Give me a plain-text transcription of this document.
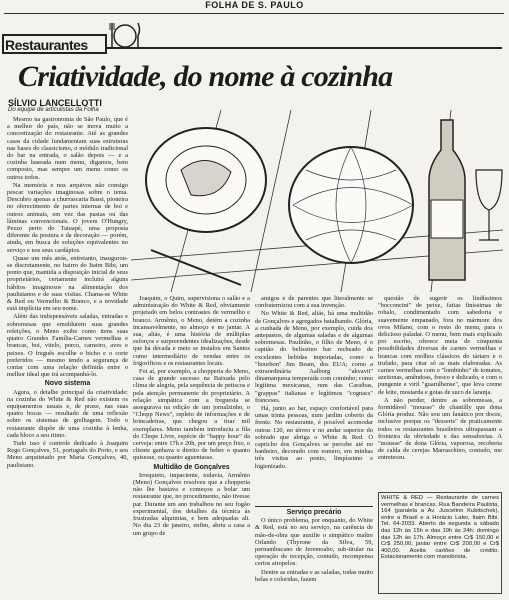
FOLHA DE S. PAULO
Restaurantes
Criatividade, do nome à cozinha
SÍLVIO LANCELLOTTI
Do equipe de articulistas da Folha

Mesmo na gastronomia de São Paulo, que é a melhor do país, não se inova muito a concretização do restaurante. Até as grandes casas da cidade fundamentam suas estruturas nas bases do classicismo, o módulo tradicional do bar na entrada, o salão depois — e a cozinha baseada num menu, digamos, bem composto, mas sempre um menu como os outros todos.

Na memória e nos arquivos não consigo pescar variações imaginosas sobre o tema. Descubro apenas a churrascaria Bassi, pioneira no oferecimento de partes internas de boi e outros animais, em vez das pastas ou das lâminas convencionais. O jovem O'Hungry, Pezzo perto do Tatuapé, uma proposta diferente da postura e da decoração — porém, ainda, em busca de soluções equivalentes no serviço e nos seus cardápios.

Quase um mês atrás, entretanto, inaugurou-se discretamente, no bairro do Itaim Bibi, um ponto que, mantida a disposição inicial de seus proprietários, certamente incluirá alguns hábitos imaginosos na alimentação dos paulistanos e de suas visitas. Chama-se White & Red ou Vermelho & Branco, e a novidade está implícita em seu nome.

Além das indispensáveis saladas, entradas e sobremesas que emoldurem suas grandes refeições, o Meno exibe como itens suas quatro Grandes Família-Carnes vermelhas e brancas, boi, vitelo, porco, carneiro, aves e peixes. O freguês escolhe o bicho e o corte preferidos — mesmo tendo a segurança de contar com uma relação definida entre o melhor ideal que irá acompanhá-lo.

Novo sistema

Agora, o detalhe principal da criatividade: na cozinha do White & Red não existem os equipamentos usuais e, de praxe, nas suas quatro bocas — resultado de uma reflexão sobre os sistemas de grelhagem. Todo o restaurante dispõe de uma cozinha à lenha, cada bloco a seu ritmo.

Tudo isso é controle dedicado à Joaquim Rego Gonçalves, 51, português do Porto, e seu Meno arquitetado por Maria Gonçalves, 40, paulistano.

Joaquim, o Quim, supervisiona o salão e a administração do White & Red, obviamente projetado em belos contrastes de vermelho e branco. Armênio, o Meno, detém a cozinha incansavelmente, no almoço e no jantar. A sua, aliás, é uma história de múltiplas esforços e surpreendentes idealizações, desde que há década e meio se instalou em Santos como intermediário de vendas entre os frigoríficos e os restaurantes locais.

Foi aí, por exemplo, a chopperia do Meno, casa de grande sucesso na Baixada pelo clima de alegria, pela sequência de petiscos e pela atenção permanente do proprietário. A relação simpática com a freguesia se assegurava na edição de um jornalzinho, o "Chopp News", repleto de informações e de brincadeiras, que chegou a tirar mil exemplares. Meno também introduziu a fila do Chope Livre, espécie de "happy hour" da cerveja: entre 17h e 20h, por um preço fixo, o cliente ganhava o direito de beber o quanto quisesse, ou quanto aguentasse.

Multidão de Gonçalves

Irrequieto, impaciente, todavia, Armênio (Meno) Gonçalves resolveu que a chopperia não lhe bastava e começou a bolar um restaurante que, no procedimento, não tivesse par. Durante um ano trabalhou no seu fogão experimental, dos detalhes da técnica às frustradas alquimias, e bem adequadas ali. No dia 23 de janeiro, enfim, abriu a casa a um grupo de

amigos e de parentes que literalmente se confraternizou com a sua invenção.

No White & Red, aliás, há uma multidão de Gonçalves e agregados batalhando. Glória, a cunhada de Meno, por exemplo, cuida dos antepastos, de algumas saladas e de algumas sobremesas. Paulinho, o filho de Meno, é o capitão do belíssimo bar recheado de excelentes bebidas importadas, como o "bourbon" Jim Beam, dos EUA; como a extraordinária Aalborg "akvavit" dinamarquesa temperada com cominho; como legítima mexicanas, rum das Caraíbas, "grappas" italianas e legítimos "cognacs" franceses.

Há, junto ao bar, espaço confortável para umas trinta pessoas, num jardim coberto da frente. No restaurante, é possível acomodar outras 120, no térreo e no andar superior do sobrado que abriga o White & Red. O capricho dos Gonçalves se percebe até no banheiro, decorado com esmero, em minhas três visitas ao ponto, limpíssimo e higienizado.

Serviço precário

O único problema, por enquanto, do White & Red, está no seu serviço, na carência de mão-de-obra que auxilie o simpático maître Orlando (Thyrone da Silva, 59, pernambucano de Jeremoabo, sub-titular na operação de recepção, contudo, recompensa certos atropelos.

Dentre as entradas e as saladas, todas muito belas e coloridas, fazem

questão de sugerir os lindíssimos "bocconcini" de peixe, fatias finíssimas de robalo, condimentado com sabedoria e suavemente empanado, fora no mármore dos ovos Milano, com o resto do menu, para o delicioso paladar. O menu, bem mais explicado por escrito, oferece meia de cinquenta possibilidades diversas de carnes vermelhas e brancas com molhos clássicos do tártaro e o trufado, para citar só as mais elaboradas. As carnes vermelhas com o "lombinho" de tomates, azeitonas, amêndoas, fresco e delicado, e com o pungente e viril "guarulhense", que leva creme de leite, mostarda e gotas de suco de laranja.

A não perder, dentre as sobremesas, a formidável "mousse" de chantilly que dona Glória produz. Não sou um fanático por doces, inclusive porque os "desserts" de praticamente todos os restaurantes brasileiros ultrapassam a fronteira da obviedade e das sensaborias. A "mousse" de dona Glória, vaporosa, recoberta de calda de cerejas Marraschino, contudo, me entreteceu.

WHITE & RED — Restaurante de carnes vermelhas e brancas. Rua Bandeira Paulista, 164 (paralela a Av. Juscelino Kubitschek), entre a Brasil e a Horácio Lafer, Itaim Bibi. Tel. 64-2033. Aberto de segunda a sábado das 12h às 15h e das 19h às 24h; domingo das 12h às 17h. Almoço entre Cr$ 150,00 e Cr$ 250,00, jantar entre Cr$ 200,00 e Cr$ 400,00. Aceita cartões de crédito. Estacionamento com manobrista.
